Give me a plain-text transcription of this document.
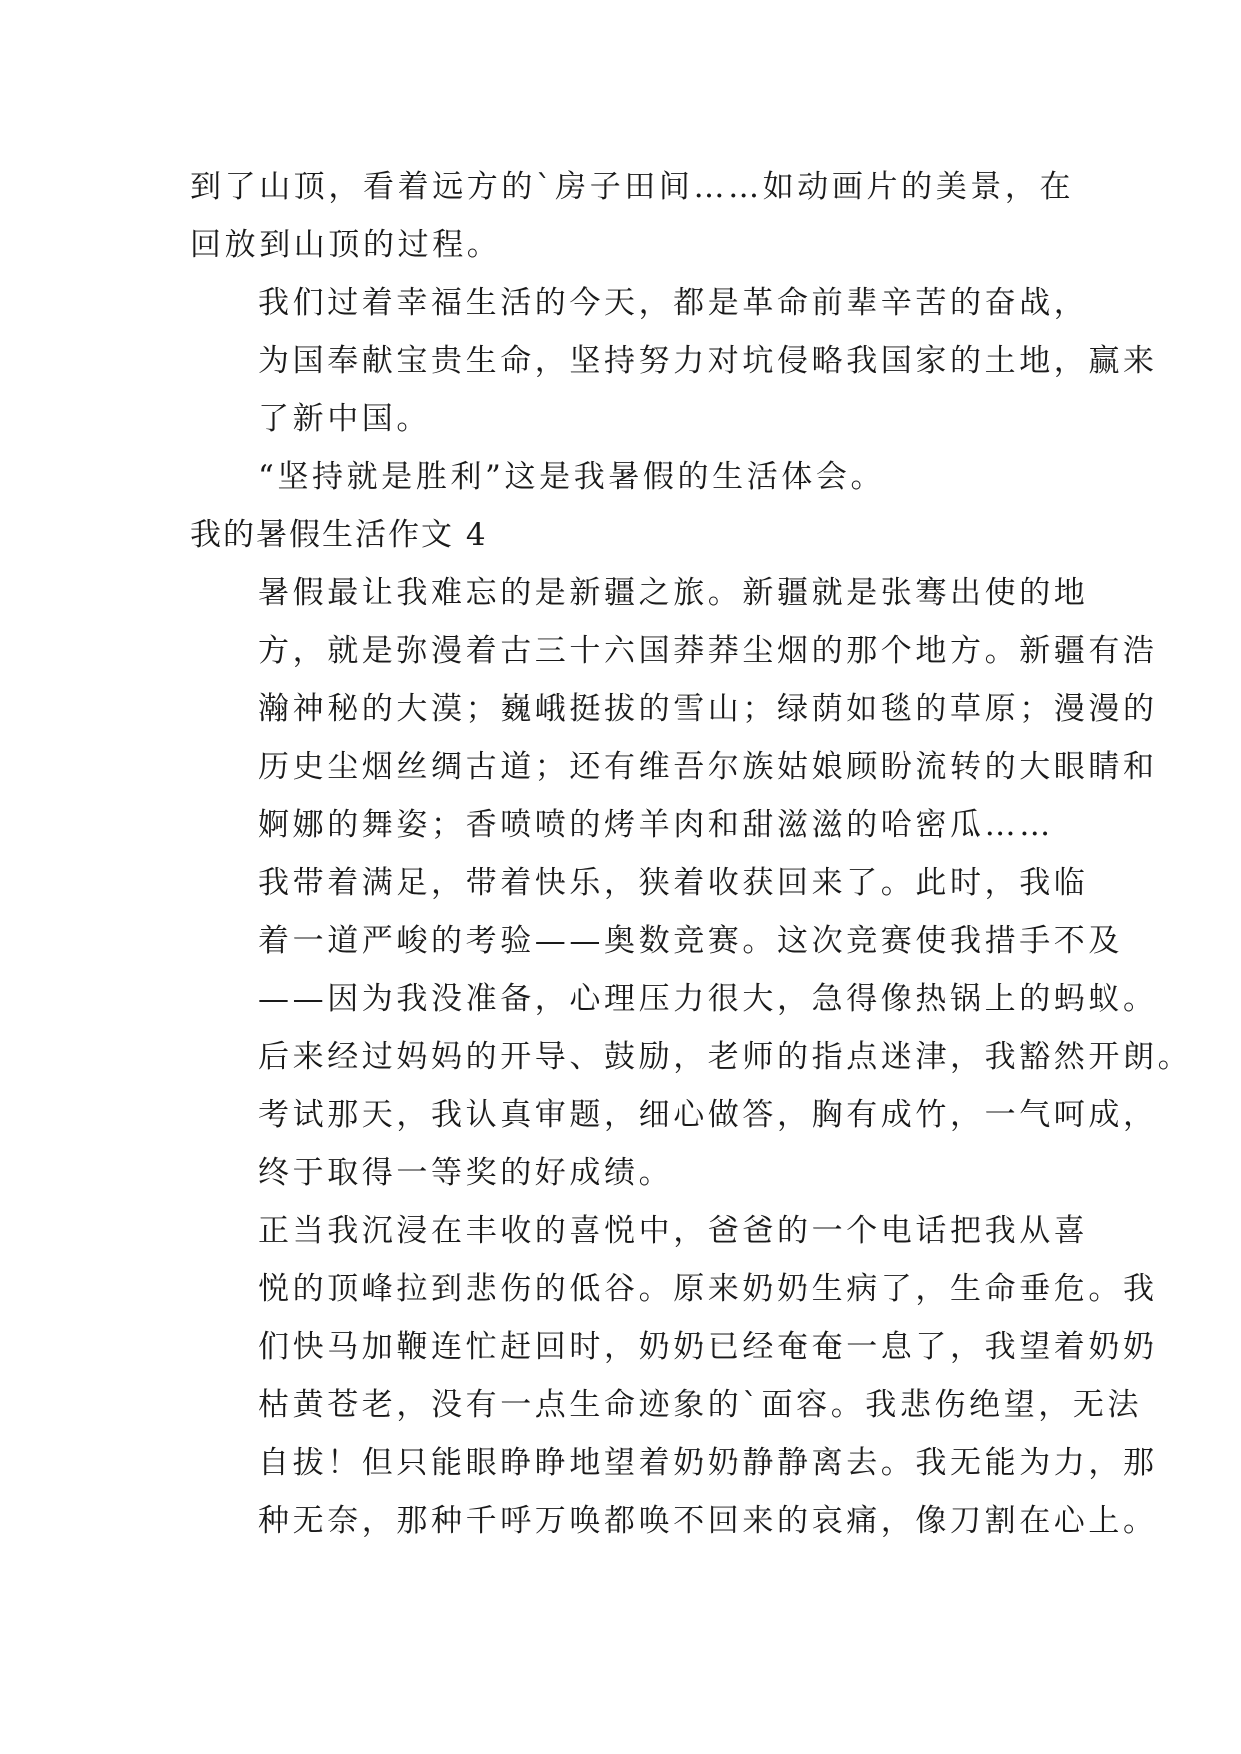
到了山顶，看着远方的`房子田间……如动画片的美景，在
回放到山顶的过程。

我们过着幸福生活的今天，都是革命前辈辛苦的奋战，
为国奉献宝贵生命，坚持努力对坑侵略我国家的土地，赢来
了新中国。

“坚持就是胜利”这是我暑假的生活体会。

我的暑假生活作文 4

暑假最让我难忘的是新疆之旅。新疆就是张骞出使的地
方，就是弥漫着古三十六国莽莽尘烟的那个地方。新疆有浩
瀚神秘的大漠；巍峨挺拔的雪山；绿荫如毯的草原；漫漫的
历史尘烟丝绸古道；还有维吾尔族姑娘顾盼流转的大眼睛和
婀娜的舞姿；香喷喷的烤羊肉和甜滋滋的哈密瓜……

我带着满足，带着快乐，狭着收获回来了。此时，我临
着一道严峻的考验——奥数竞赛。这次竞赛使我措手不及
——因为我没准备，心理压力很大，急得像热锅上的蚂蚁。
后来经过妈妈的开导、鼓励，老师的指点迷津，我豁然开朗。
考试那天，我认真审题，细心做答，胸有成竹，一气呵成，
终于取得一等奖的好成绩。

正当我沉浸在丰收的喜悦中，爸爸的一个电话把我从喜
悦的顶峰拉到悲伤的低谷。原来奶奶生病了，生命垂危。我
们快马加鞭连忙赶回时，奶奶已经奄奄一息了，我望着奶奶
枯黄苍老，没有一点生命迹象的`面容。我悲伤绝望，无法
自拔！但只能眼睁睁地望着奶奶静静离去。我无能为力，那
种无奈，那种千呼万唤都唤不回来的哀痛，像刀割在心上。
